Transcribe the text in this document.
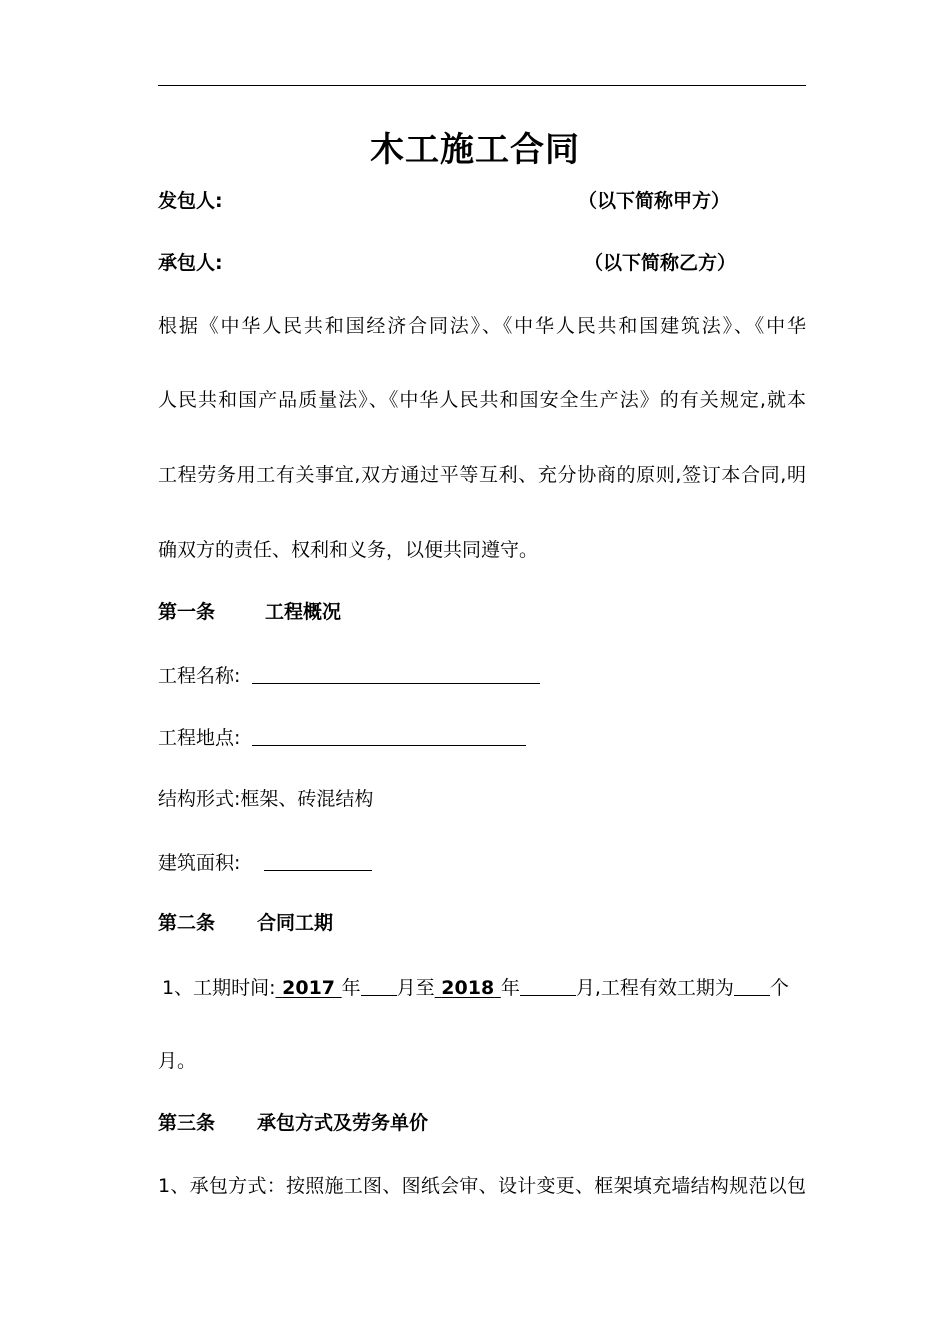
木工施工合同
发包人:	（以下简称甲方）
承包人:	（以下简称乙方）
根据《中华人民共和国经济合同法》、《中华人民共和国建筑法》、《中华
人民共和国产品质量法》、《中华人民共和国安全生产法》的有关规定,就本
工程劳务用工有关事宜,双方通过平等互利、充分协商的原则,签订本合同,明
确双方的责任、权利和义务，以便共同遵守。
第一条	工程概况
工程名称:
工程地点:
结构形式:框架、砖混结构
建筑面积:
第二条 合同工期
1、工期时间: 2017 年 月至 2018 年	月,工程有效工期为 个
月。
第三条 承包方式及劳务单价
1、承包方式：按照施工图、图纸会审、设计变更、框架填充墙结构规范以包
